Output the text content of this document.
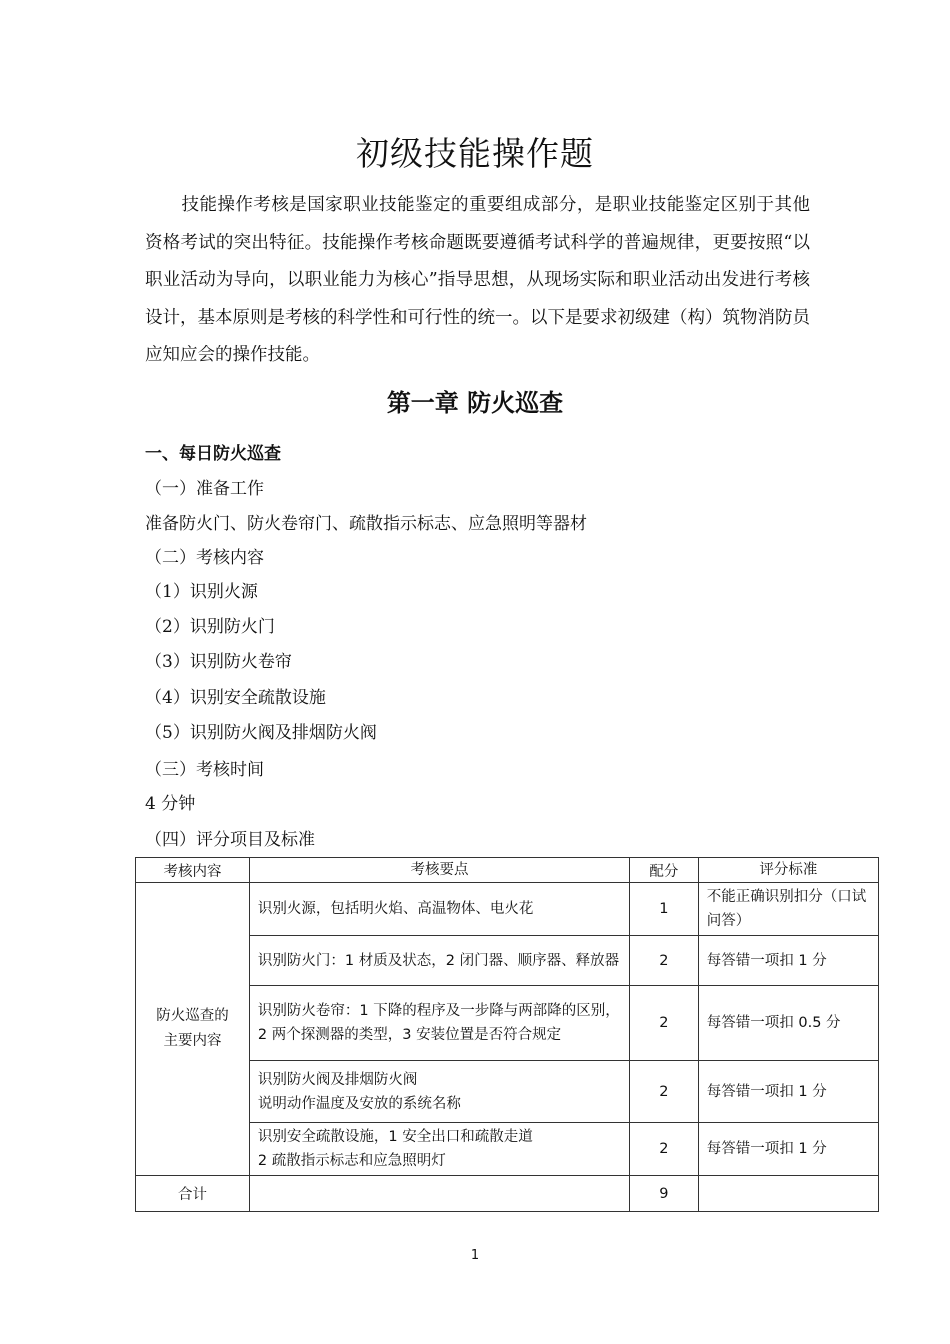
初级技能操作题
技能操作考核是国家职业技能鉴定的重要组成部分，是职业技能鉴定区别于其他资格考试的突出特征。技能操作考核命题既要遵循考试科学的普遍规律，更要按照“以职业活动为导向，以职业能力为核心”指导思想，从现场实际和职业活动出发进行考核设计，基本原则是考核的科学性和可行性的统一。以下是要求初级建（构）筑物消防员应知应会的操作技能。
第一章 防火巡查
一、每日防火巡查
（一）准备工作
准备防火门、防火卷帘门、疏散指示标志、应急照明等器材
（二）考核内容
（1）识别火源
（2）识别防火门
（3）识别防火卷帘
（4）识别安全疏散设施
（5）识别防火阀及排烟防火阀
（三）考核时间
4 分钟
（四）评分项目及标准
考核内容	考核要点	配分	评分标准

防火巡查的主要内容	识别火源，包括明火焰、高温物体、电火花	1	不能正确识别扣分（口试问答）
	识别防火门：1 材质及状态，2 闭门器、顺序器、释放器	2	每答错一项扣 1 分
	识别防火卷帘：1 下降的程序及一步降与两部降的区别，2 两个探测器的类型，3 安装位置是否符合规定	2	每答错一项扣 0.5 分

	识别防火阀及排烟防火阀
说明动作温度及安放的系统名称	2	每答错一项扣 1 分

	识别安全疏散设施，1 安全出口和疏散走道
2 疏散指示标志和应急照明灯	2	每答错一项扣 1 分
合计		9	
1
